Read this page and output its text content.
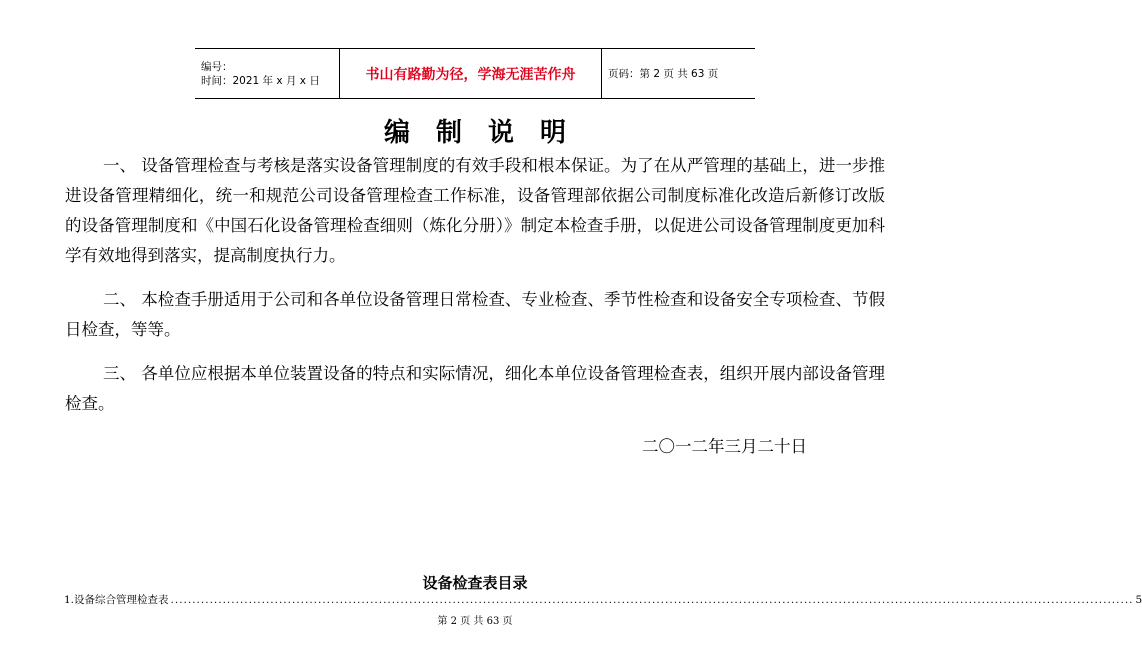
编号：
时间：2021 年 x 月 x 日	书山有路勤为径，学海无涯苦作舟	页码：第 2 页 共 63 页
编制说明

一、 设备管理检查与考核是落实设备管理制度的有效手段和根本保证。为了在从严管理的基础上，进一步推进设备管理精细化，统一和规范公司设备管理检查工作标准，设备管理部依据公司制度标准化改造后新修订改版的设备管理制度和《中国石化设备管理检查细则（炼化分册）》制定本检查手册，以促进公司设备管理制度更加科学有效地得到落实，提高制度执行力。

二、 本检查手册适用于公司和各单位设备管理日常检查、专业检查、季节性检查和设备安全专项检查、节假日检查，等等。

三、 各单位应根据本单位装置设备的特点和实际情况，细化本单位设备管理检查表，组织开展内部设备管理检查。

二〇一二年三月二十日
设备检查表目录
1. 设备综合管理检查表 .............................................................................................................................................................................................................................. 5
第 2 页 共 63 页
